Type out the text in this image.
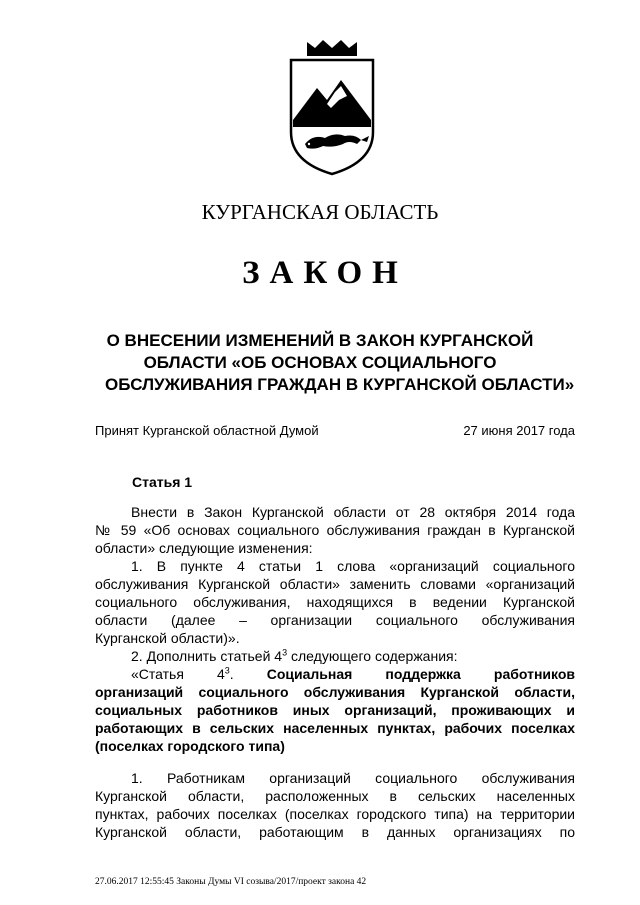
КУРГАНСКАЯ ОБЛАСТЬ
ЗАКОН
О ВНЕСЕНИИ ИЗМЕНЕНИЙ В ЗАКОН КУРГАНСКОЙ
ОБЛАСТИ «ОБ ОСНОВАХ СОЦИАЛЬНОГО
ОБСЛУЖИВАНИЯ ГРАЖДАН В КУРГАНСКОЙ ОБЛАСТИ»
Принят Курганской областной Думой	27 июня 2017 года
Статья 1
Внести в Закон Курганской области от 28 октября 2014 года
№ 59 «Об основах социального обслуживания граждан в Курганской
области» следующие изменения:
1. В пункте 4 статьи 1 слова «организаций социального
обслуживания Курганской области» заменить словами «организаций
социального обслуживания, находящихся в ведении Курганской
области (далее – организации социального обслуживания
Курганской области)».
2. Дополнить статьей $4^3$ следующего содержания:
«Статья $4^3$. Социальная поддержка работников
организаций социального обслуживания Курганской области,
социальных работников иных организаций, проживающих и
работающих в сельских населенных пунктах, рабочих поселках
(поселках городского типа)
1. Работникам организаций социального обслуживания
Курганской области, расположенных в сельских населенных
пунктах, рабочих поселках (поселках городского типа) на территории
Курганской области, работающим в данных организациях по
27.06.2017 12:55:45 Законы Думы VI созыва/2017/проект закона 42
